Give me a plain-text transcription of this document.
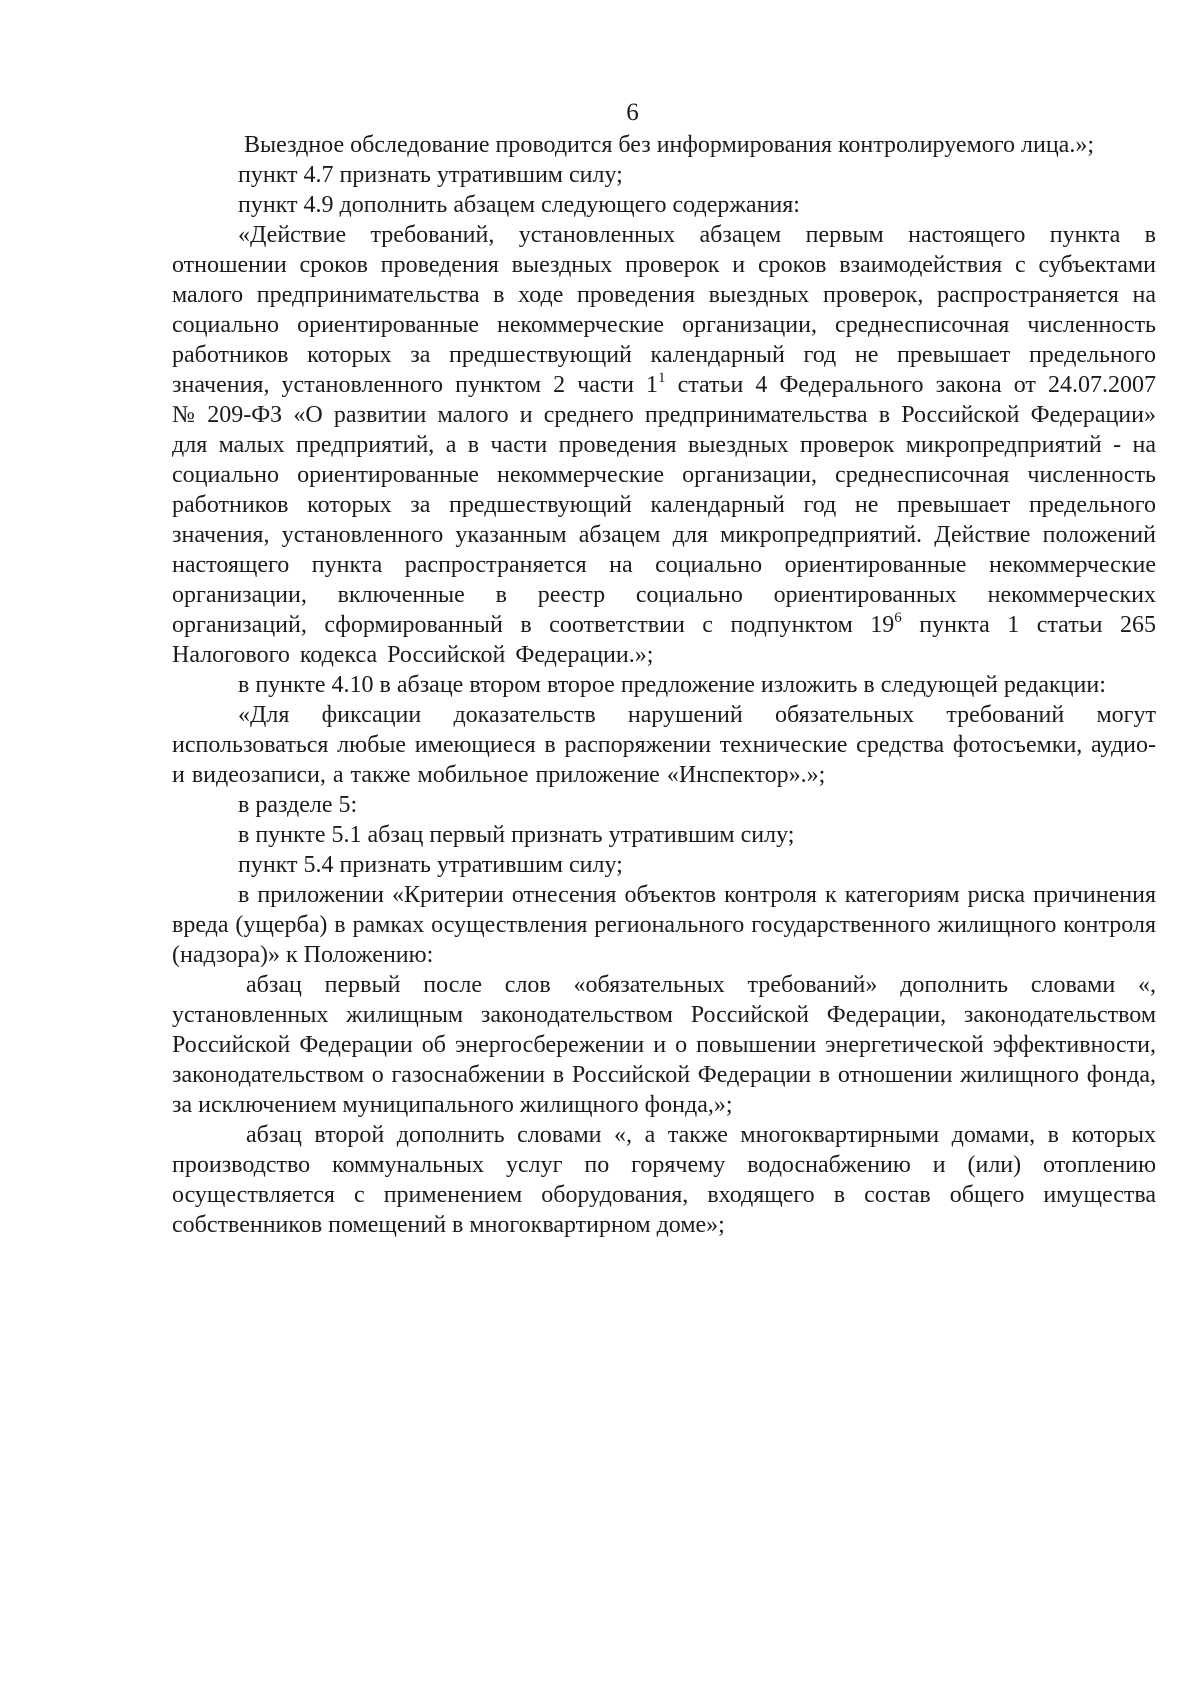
6

Выездное обследование проводится без информирования контролируемого лица.»;

пункт 4.7 признать утратившим силу;

пункт 4.9 дополнить абзацем следующего содержания:

«Действие требований, установленных абзацем первым настоящего пункта в отношении сроков проведения выездных проверок и сроков взаимодействия с субъектами малого предпринимательства в ходе проведения выездных проверок, распространяется на социально ориентированные некоммерческие организации, среднесписочная численность работников которых за предшествующий календарный год не превышает предельного значения, установленного пунктом 2 части $1^1$ статьи 4 Федерального закона от 24.07.2007 № 209-ФЗ «О развитии малого и среднего предпринимательства в Российской Федерации» для малых предприятий, а в части проведения выездных проверок микропредприятий - на социально ориентированные некоммерческие организации, среднесписочная численность работников которых за предшествующий календарный год не превышает предельного значения, установленного указанным абзацем для микропредприятий. Действие положений настоящего пункта распространяется на социально ориентированные некоммерческие организации, включенные в реестр социально ориентированных некоммерческих организаций, сформированный в соответствии с подпунктом $19^6$ пункта 1 статьи 265 Налогового кодекса Российской Федерации.»;

в пункте 4.10 в абзаце втором второе предложение изложить в следующей редакции:

«Для фиксации доказательств нарушений обязательных требований могут использоваться любые имеющиеся в распоряжении технические средства фотосъемки, аудио- и видеозаписи, а также мобильное приложение «Инспектор».»;

в разделе 5:

в пункте 5.1 абзац первый признать утратившим силу;

пункт 5.4 признать утратившим силу;

в приложении «Критерии отнесения объектов контроля к категориям риска причинения вреда (ущерба) в рамках осуществления регионального государственного жилищного контроля (надзора)» к Положению:

абзац первый после слов «обязательных требований» дополнить словами «, установленных жилищным законодательством Российской Федерации, законодательством Российской Федерации об энергосбережении и о повышении энергетической эффективности, законодательством о газоснабжении в Российской Федерации в отношении жилищного фонда, за исключением муниципального жилищного фонда,»;

абзац второй дополнить словами «, а также многоквартирными домами, в которых производство коммунальных услуг по горячему водоснабжению и (или) отоплению осуществляется с применением оборудования, входящего в состав общего имущества собственников помещений в многоквартирном доме»;
